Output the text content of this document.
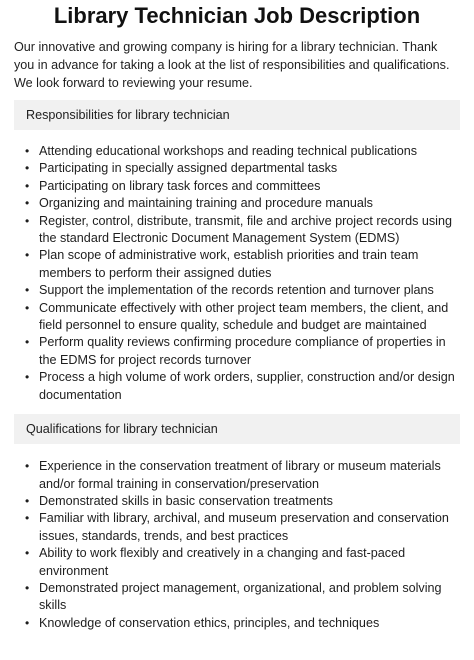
Library Technician Job Description

Our innovative and growing company is hiring for a library technician. Thank you in advance for taking a look at the list of responsibilities and qualifications. We look forward to reviewing your resume.

Responsibilities for library technician
• Attending educational workshops and reading technical publications
• Participating in specially assigned departmental tasks
• Participating on library task forces and committees
• Organizing and maintaining training and procedure manuals
• Register, control, distribute, transmit, file and archive project records using the standard Electronic Document Management System (EDMS)
• Plan scope of administrative work, establish priorities and train team members to perform their assigned duties
• Support the implementation of the records retention and turnover plans
• Communicate effectively with other project team members, the client, and field personnel to ensure quality, schedule and budget are maintained
• Perform quality reviews confirming procedure compliance of properties in the EDMS for project records turnover
• Process a high volume of work orders, supplier, construction and/or design documentation
Qualifications for library technician
• Experience in the conservation treatment of library or museum materials and/or formal training in conservation/preservation
• Demonstrated skills in basic conservation treatments
• Familiar with library, archival, and museum preservation and conservation issues, standards, trends, and best practices
• Ability to work flexibly and creatively in a changing and fast-paced environment
• Demonstrated project management, organizational, and problem solving skills
• Knowledge of conservation ethics, principles, and techniques
